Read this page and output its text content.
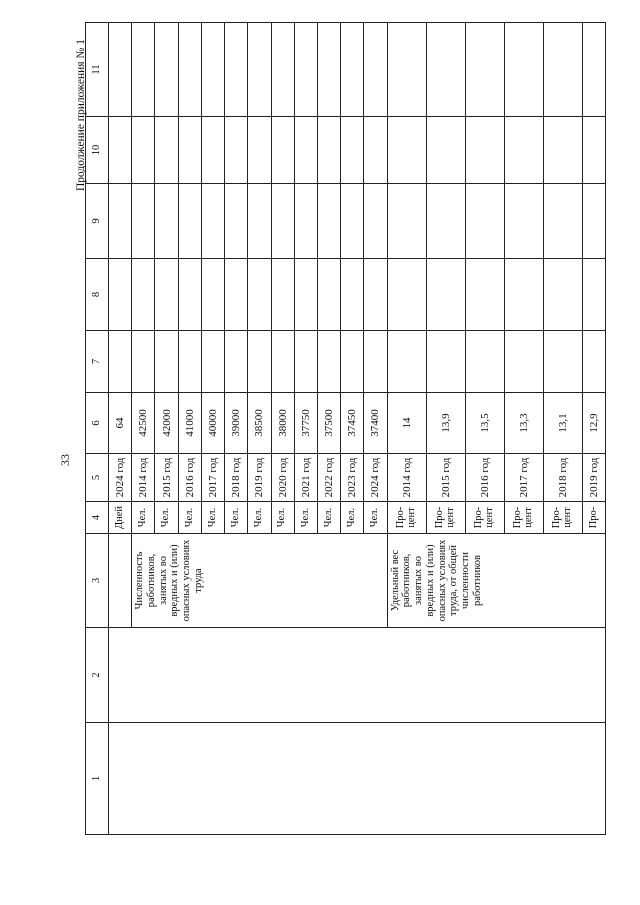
33
Продолжение приложения № 1
1	2	3	4	5	6	7	8	9	10	11
			Дней	2024 год	64					
		Численность работников, занятых во вредных и (или) опасных условиях труда	Чел.	2014 год	42500					
			Чел.	2015 год	42000					
			Чел.	2016 год	41000					
			Чел.	2017 год	40000					
			Чел.	2018 год	39000					
			Чел.	2019 год	38500					
			Чел.	2020 год	38000					
			Чел.	2021 год	37750					
			Чел.	2022 год	37500					
			Чел.	2023 год	37450					
			Чел.	2024 год	37400					
		Удельный вес работников, занятых во вредных и (или) опасных условиях труда, от общей численности работников	Про-цент	2014 год	14					
			Про-цент	2015 год	13,9					
			Про-цент	2016 год	13,5					
			Про-цент	2017 год	13,3					
			Про-цент	2018 год	13,1					
			Про-	2019 год	12,9					
